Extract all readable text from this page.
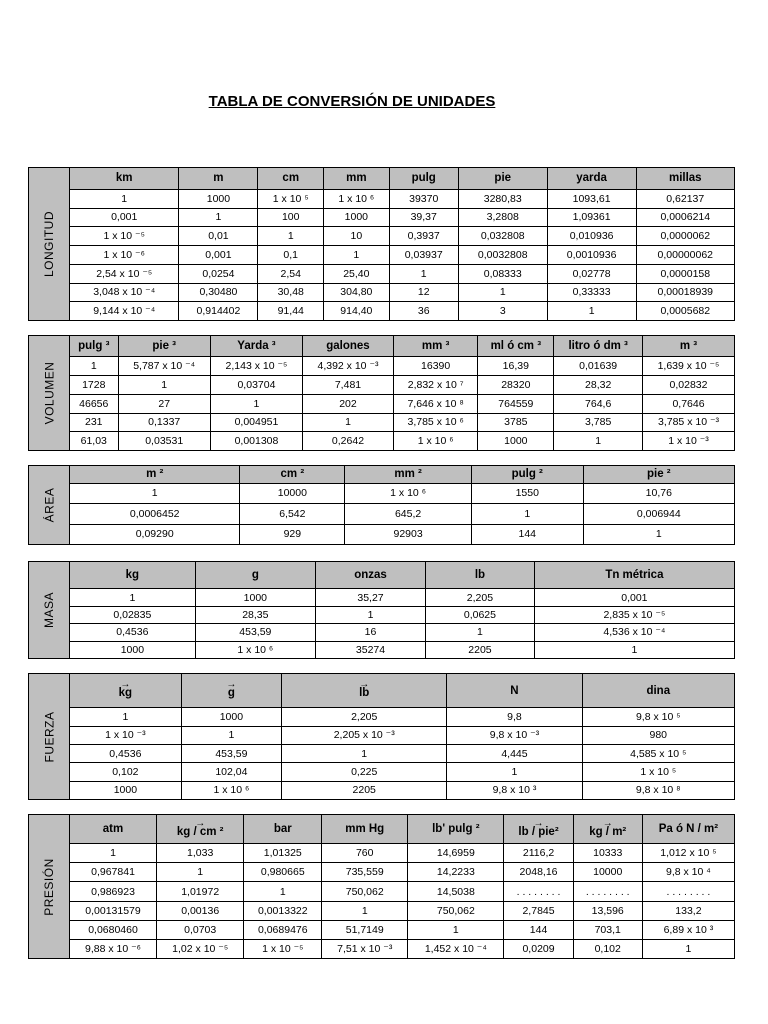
TABLA DE CONVERSIÓN DE UNIDADES
LONGITUD
km	m	cm	mm	pulg	pie	yarda	millas
1	1000	1 x 10 ⁵	1 x 10 ⁶	39370	3280,83	1093,61	0,62137
0,001	1	100	1000	39,37	3,2808	1,09361	0,0006214
1 x 10 ⁻⁵	0,01	1	10	0,3937	0,032808	0,010936	0,0000062
1 x 10 ⁻⁶	0,001	0,1	1	0,03937	0,0032808	0,0010936	0,00000062
2,54 x 10 ⁻⁵	0,0254	2,54	25,40	1	0,08333	0,02778	0,0000158
3,048 x 10 ⁻⁴	0,30480	30,48	304,80	12	1	0,33333	0,00018939
9,144 x 10 ⁻⁴	0,914402	91,44	914,40	36	3	1	0,0005682
VOLUMEN
pulg ³	pie ³	Yarda ³	galones	mm ³	ml ó cm ³	litro ó dm ³	m ³
1	5,787 x 10 ⁻⁴	2,143 x 10 ⁻⁵	4,392 x 10 ⁻³	16390	16,39	0,01639	1,639 x 10 ⁻⁵
1728	1	0,03704	7,481	2,832 x 10 ⁷	28320	28,32	0,02832
46656	27	1	202	7,646 x 10 ⁸	764559	764,6	0,7646
231	0,1337	0,004951	1	3,785 x 10 ⁶	3785	3,785	3,785 x 10 ⁻³
61,03	0,03531	0,001308	0,2642	1 x 10 ⁶	1000	1	1 x 10 ⁻³
ÁREA
m ²	cm ²	mm ²	pulg ²	pie ²
1	10000	1 x 10 ⁶	1550	10,76
0,0006452	6,542	645,2	1	0,006944
0,09290	929	92903	144	1
MASA
kg	g	onzas	lb	Tn métrica
1	1000	35,27	2,205	0,001
0,02835	28,35	1	0,0625	2,835 x 10 ⁻⁵
0,4536	453,59	16	1	4,536 x 10 ⁻⁴
1000	1 x 10 ⁶	35274	2205	1
FUERZA
→ kg	→ g	→ lb	N	dina
1	1000	2,205	9,8	9,8 x 10 ⁵
1 x 10 ⁻³	1	2,205 x 10 ⁻³	9,8 x 10 ⁻³	980
0,4536	453,59	1	4,445	4,585 x 10 ⁵
0,102	102,04	0,225	1	1 x 10 ⁵
1000	1 x 10 ⁶	2205	9,8 x 10 ³	9,8 x 10 ⁸
PRESIÓN
atm	→ kg / cm ²	bar	mm Hg	lb' pulg ²	→ lb / pie²	→ kg / m²	Pa ó N / m²
1	1,033	1,01325	760	14,6959	2116,2	10333	1,012 x 10 ⁵
0,967841	1	0,980665	735,559	14,2233	2048,16	10000	9,8 x 10 ⁴
0,986923	1,01972	1	750,062	14,5038	. . . . . . . .	. . . . . . . .	. . . . . . . .
0,00131579	0,00136	0,0013322	1	750,062	2,7845	13,596	133,2
0,0680460	0,0703	0,0689476	51,7149	1	144	703,1	6,89 x 10 ³
9,88 x 10 ⁻⁶	1,02 x 10 ⁻⁵	1 x 10 ⁻⁵	7,51 x 10 ⁻³	1,452 x 10 ⁻⁴	0,0209	0,102	1
